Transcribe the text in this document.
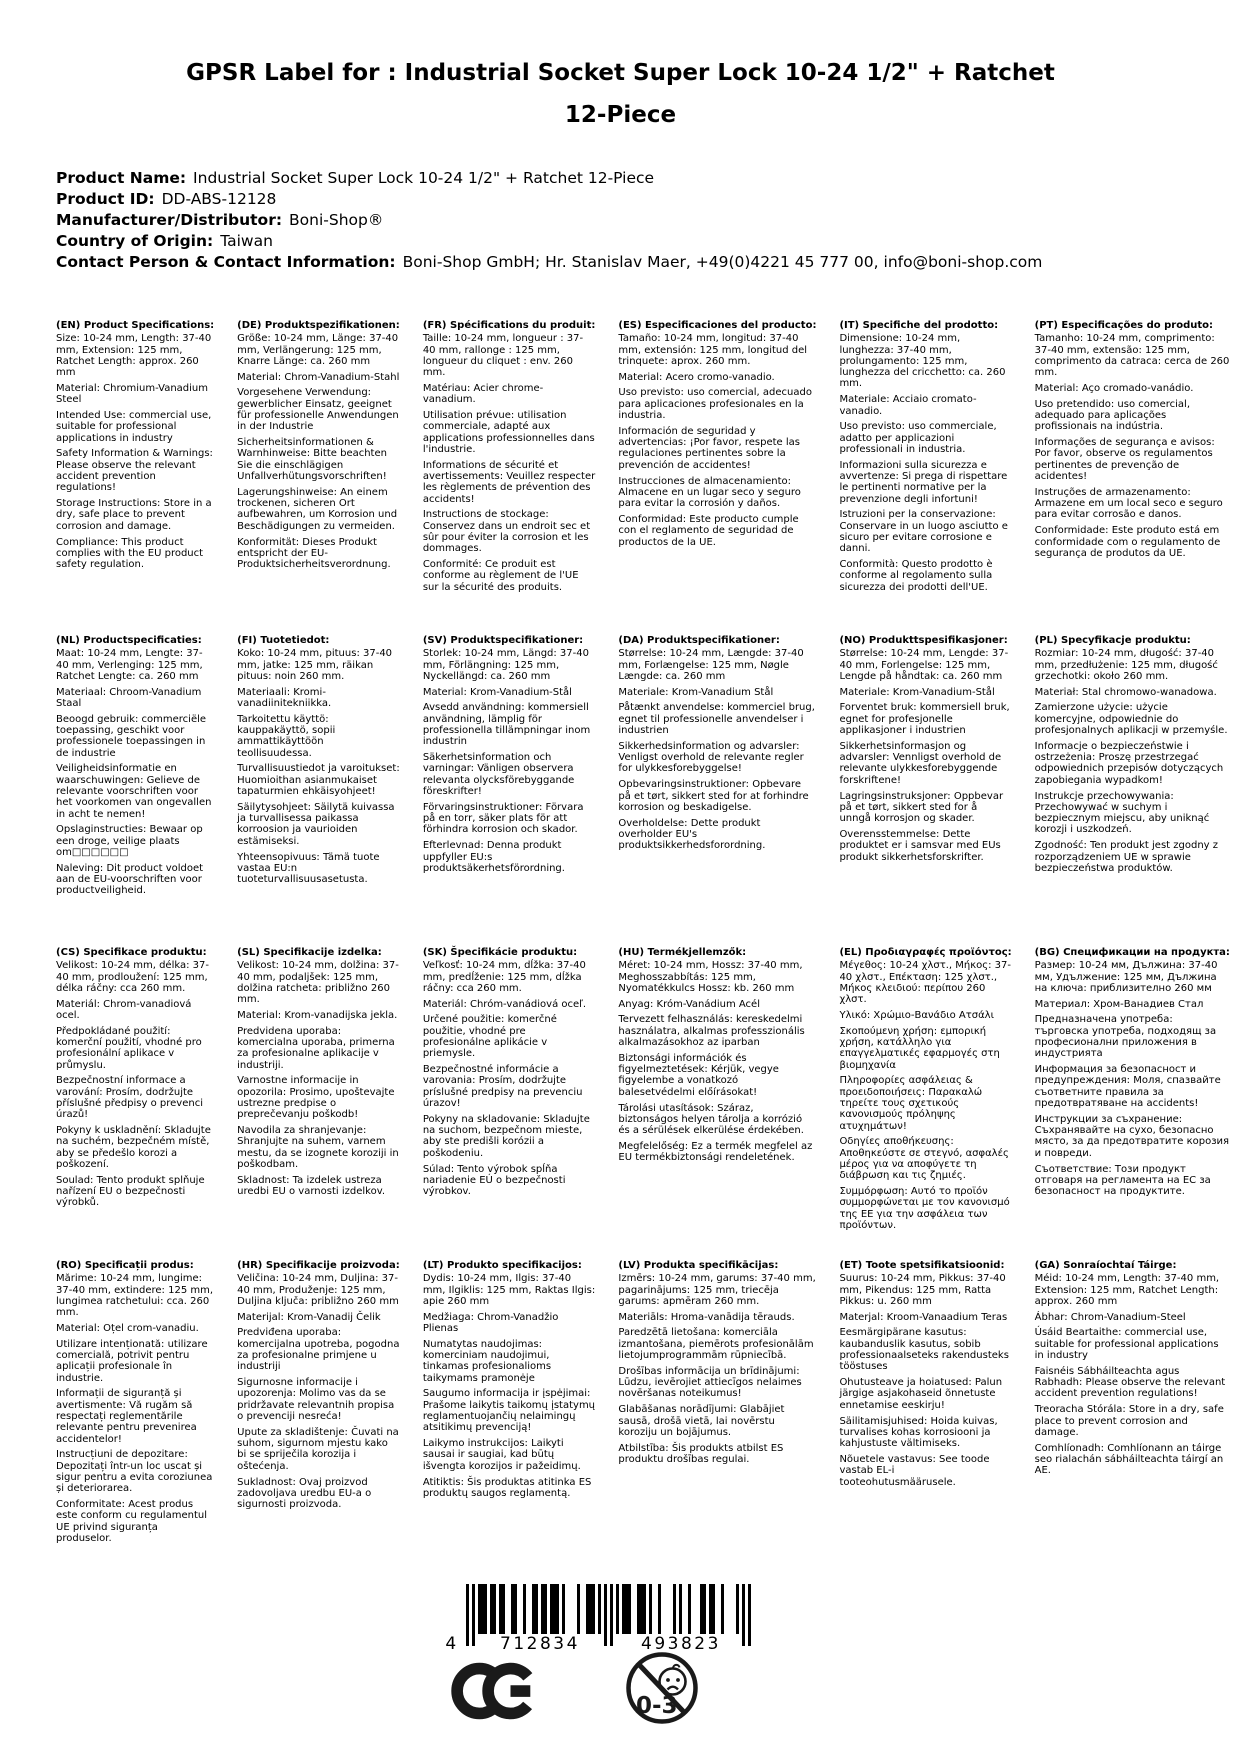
GPSR Label for : Industrial Socket Super Lock 10-24 1/2" + Ratchet
12-Piece
Product Name: Industrial Socket Super Lock 10-24 1/2" + Ratchet 12-Piece
Product ID: DD-ABS-12128
Manufacturer/Distributor: Boni-Shop®
Country of Origin: Taiwan
Contact Person & Contact Information: Boni-Shop GmbH; Hr. Stanislav Maer, +49(0)4221 45 777 00, info@boni-shop.com
(EN) Product Specifications:

Size: 10-24 mm, Length: 37-40 mm, Extension: 125 mm, Ratchet Length: approx. 260 mm

Material: Chromium-Vanadium Steel

Intended Use: commercial use, suitable for professional applications in industry

Safety Information & Warnings: Please observe the relevant accident prevention regulations!

Storage Instructions: Store in a dry, safe place to prevent corrosion and damage.

Compliance: This product complies with the EU product safety regulation.

(DE) Produktspezifikationen:

Größe: 10-24 mm, Länge: 37-40 mm, Verlängerung: 125 mm, Knarre Länge: ca. 260 mm

Material: Chrom-Vanadium-Stahl

Vorgesehene Verwendung: gewerblicher Einsatz, geeignet für professionelle Anwendungen in der Industrie

Sicherheitsinformationen & Warnhinweise: Bitte beachten Sie die einschlägigen Unfallverhütungsvorschriften!

Lagerungshinweise: An einem trockenen, sicheren Ort aufbewahren, um Korrosion und Beschädigungen zu vermeiden.

Konformität: Dieses Produkt entspricht der EU-Produktsicherheitsverordnung.

(FR) Spécifications du produit:

Taille: 10-24 mm, longueur : 37-40 mm, rallonge : 125 mm, longueur du cliquet : env. 260 mm.

Matériau: Acier chrome-vanadium.

Utilisation prévue: utilisation commerciale, adapté aux applications professionnelles dans l'industrie.

Informations de sécurité et avertissements: Veuillez respecter les règlements de prévention des accidents!

Instructions de stockage: Conservez dans un endroit sec et sûr pour éviter la corrosion et les dommages.

Conformité: Ce produit est conforme au règlement de l'UE sur la sécurité des produits.

(ES) Especificaciones del producto:

Tamaño: 10-24 mm, longitud: 37-40 mm, extensión: 125 mm, longitud del trinquete: aprox. 260 mm.

Material: Acero cromo-vanadio.

Uso previsto: uso comercial, adecuado para aplicaciones profesionales en la industria.

Información de seguridad y advertencias: ¡Por favor, respete las regulaciones pertinentes sobre la prevención de accidentes!

Instrucciones de almacenamiento: Almacene en un lugar seco y seguro para evitar la corrosión y daños.

Conformidad: Este producto cumple con el reglamento de seguridad de productos de la UE.

(IT) Specifiche del prodotto:

Dimensione: 10-24 mm, lunghezza: 37-40 mm, prolungamento: 125 mm, lunghezza del cricchetto: ca. 260 mm.

Materiale: Acciaio cromato-vanadio.

Uso previsto: uso commerciale, adatto per applicazioni professionali in industria.

Informazioni sulla sicurezza e avvertenze: Si prega di rispettare le pertinenti normative per la prevenzione degli infortuni!

Istruzioni per la conservazione: Conservare in un luogo asciutto e sicuro per evitare corrosione e danni.

Conformità: Questo prodotto è conforme al regolamento sulla sicurezza dei prodotti dell'UE.

(PT) Especificações do produto:

Tamanho: 10-24 mm, comprimento: 37-40 mm, extensão: 125 mm, comprimento da catraca: cerca de 260 mm.

Material: Aço cromado-vanádio.

Uso pretendido: uso comercial, adequado para aplicações profissionais na indústria.

Informações de segurança e avisos: Por favor, observe os regulamentos pertinentes de prevenção de acidentes!

Instruções de armazenamento: Armazene em um local seco e seguro para evitar corrosão e danos.

Conformidade: Este produto está em conformidade com o regulamento de segurança de produtos da UE.

(NL) Productspecificaties:

Maat: 10-24 mm, Lengte: 37-40 mm, Verlenging: 125 mm, Ratchet Lengte: ca. 260 mm

Materiaal: Chroom-Vanadium Staal

Beoogd gebruik: commerciële toepassing, geschikt voor professionele toepassingen in de industrie

Veiligheidsinformatie en waarschuwingen: Gelieve de relevante voorschriften voor het voorkomen van ongevallen in acht te nemen!

Opslaginstructies: Bewaar op een droge, veilige plaats om□□□□□□

Naleving: Dit product voldoet aan de EU-voorschriften voor productveiligheid.

(FI) Tuotetiedot:

Koko: 10-24 mm, pituus: 37-40 mm, jatke: 125 mm, räikan pituus: noin 260 mm.

Materiaali: Kromi-vanadiinitekniikka.

Tarkoitettu käyttö: kauppakäyttö, sopii ammattikäyttöön teollisuudessa.

Turvallisuustiedot ja varoitukset: Huomioithan asianmukaiset tapaturmien ehkäisyohjeet!

Säilytysohjeet: Säilytä kuivassa ja turvallisessa paikassa korroosion ja vaurioiden estämiseksi.

Yhteensopivuus: Tämä tuote vastaa EU:n tuoteturvallisuusasetusta.

(SV) Produktspecifikationer:

Storlek: 10-24 mm, Längd: 37-40 mm, Förlängning: 125 mm, Nyckellängd: ca. 260 mm

Material: Krom-Vanadium-Stål

Avsedd användning: kommersiell användning, lämplig för professionella tillämpningar inom industrin

Säkerhetsinformation och varningar: Vänligen observera relevanta olycksförebyggande föreskrifter!

Förvaringsinstruktioner: Förvara på en torr, säker plats för att förhindra korrosion och skador.

Efterlevnad: Denna produkt uppfyller EU:s produktsäkerhetsförordning.

(DA) Produktspecifikationer:

Størrelse: 10-24 mm, Længde: 37-40 mm, Forlængelse: 125 mm, Nøgle Længde: ca. 260 mm

Materiale: Krom-Vanadium Stål

Påtænkt anvendelse: kommerciel brug, egnet til professionelle anvendelser i industrien

Sikkerhedsinformation og advarsler: Venligst overhold de relevante regler for ulykkesforebyggelse!

Opbevaringsinstruktioner: Opbevare på et tørt, sikkert sted for at forhindre korrosion og beskadigelse.

Overholdelse: Dette produkt overholder EU's produktsikkerhedsforordning.

(NO) Produkttspesifikasjoner:

Størrelse: 10-24 mm, Lengde: 37-40 mm, Forlengelse: 125 mm, Lengde på håndtak: ca. 260 mm

Materiale: Krom-Vanadium-Stål

Forventet bruk: kommersiell bruk, egnet for profesjonelle applikasjoner i industrien

Sikkerhetsinformasjon og advarsler: Vennligst overhold de relevante ulykkesforebyggende forskriftene!

Lagringsinstruksjoner: Oppbevar på et tørt, sikkert sted for å unngå korrosjon og skader.

Overensstemmelse: Dette produktet er i samsvar med EUs produkt sikkerhetsforskrifter.

(PL) Specyfikacje produktu:

Rozmiar: 10-24 mm, długość: 37-40 mm, przedłużenie: 125 mm, długość grzechotki: około 260 mm.

Materiał: Stal chromowo-wanadowa.

Zamierzone użycie: użycie komercyjne, odpowiednie do profesjonalnych aplikacji w przemyśle.

Informacje o bezpieczeństwie i ostrzeżenia: Proszę przestrzegać odpowiednich przepisów dotyczących zapobiegania wypadkom!

Instrukcje przechowywania: Przechowywać w suchym i bezpiecznym miejscu, aby uniknąć korozji i uszkodzeń.

Zgodność: Ten produkt jest zgodny z rozporządzeniem UE w sprawie bezpieczeństwa produktów.

(CS) Specifikace produktu:

Velikost: 10-24 mm, délka: 37-40 mm, prodloužení: 125 mm, délka ráčny: cca 260 mm.

Materiál: Chrom-vanadiová ocel.

Předpokládané použití: komerční použití, vhodné pro profesionální aplikace v průmyslu.

Bezpečnostní informace a varování: Prosím, dodržujte příslušné předpisy o prevenci úrazů!

Pokyny k uskladnění: Skladujte na suchém, bezpečném místě, aby se předešlo korozi a poškození.

Soulad: Tento produkt splňuje nařízení EU o bezpečnosti výrobků.

(SL) Specifikacije izdelka:

Velikost: 10-24 mm, dolžina: 37-40 mm, podaljšek: 125 mm, dolžina ratcheta: približno 260 mm.

Material: Krom-vanadijska jekla.

Predvidena uporaba: komercialna uporaba, primerna za profesionalne aplikacije v industriji.

Varnostne informacije in opozorila: Prosimo, upoštevajte ustrezne predpise o preprečevanju poškodb!

Navodila za shranjevanje: Shranjujte na suhem, varnem mestu, da se izognete koroziji in poškodbam.

Skladnost: Ta izdelek ustreza uredbi EU o varnosti izdelkov.

(SK) Špecifikácie produktu:

Veľkosť: 10-24 mm, dĺžka: 37-40 mm, predĺženie: 125 mm, dĺžka ráčny: cca 260 mm.

Materiál: Chróm-vanádiová oceľ.

Určené použitie: komerčné použitie, vhodné pre profesionálne aplikácie v priemysle.

Bezpečnostné informácie a varovania: Prosím, dodržujte príslušné predpisy na prevenciu úrazov!

Pokyny na skladovanie: Skladujte na suchom, bezpečnom mieste, aby ste predišli korózii a poškodeniu.

Súlad: Tento výrobok spĺňa nariadenie EÚ o bezpečnosti výrobkov.

(HU) Termékjellemzők:

Méret: 10-24 mm, Hossz: 37-40 mm, Meghosszabbítás: 125 mm, Nyomatékkulcs Hossz: kb. 260 mm

Anyag: Króm-Vanádium Acél

Tervezett felhasználás: kereskedelmi használatra, alkalmas professzionális alkalmazásokhoz az iparban

Biztonsági információk és figyelmeztetések: Kérjük, vegye figyelembe a vonatkozó balesetvédelmi előírásokat!

Tárolási utasítások: Száraz, biztonságos helyen tárolja a korrózió és a sérülések elkerülése érdekében.

Megfelelőség: Ez a termék megfelel az EU termékbiztonsági rendeletének.

(EL) Προδιαγραφές προϊόντος:

Μέγεθος: 10-24 χλστ., Μήκος: 37-40 χλστ., Επέκταση: 125 χλστ., Μήκος κλειδιού: περίπου 260 χλστ.

Υλικό: Χρώμιο-Βανάδιο Ατσάλι

Σκοπούμενη χρήση: εμπορική χρήση, κατάλληλο για επαγγελματικές εφαρμογές στη βιομηχανία

Πληροφορίες ασφάλειας & προειδοποιήσεις: Παρακαλώ τηρείτε τους σχετικούς κανονισμούς πρόληψης ατυχημάτων!

Οδηγίες αποθήκευσης: Αποθηκεύστε σε στεγνό, ασφαλές μέρος για να αποφύγετε τη διάβρωση και τις ζημιές.

Συμμόρφωση: Αυτό το προϊόν συμμορφώνεται με τον κανονισμό της ΕΕ για την ασφάλεια των προϊόντων.

(BG) Спецификации на продукта:

Размер: 10-24 мм, Дължина: 37-40 мм, Удължение: 125 мм, Дължина на ключа: приблизително 260 мм

Материал: Хром-Ванадиев Стал

Предназначена употреба: търговска употреба, подходящ за професионални приложения в индустрията

Информация за безопасност и предупреждения: Моля, спазвайте съответните правила за предотвратяване на accidents!

Инструкции за съхранение: Съхранявайте на сухо, безопасно място, за да предотвратите корозия и повреди.

Съответствие: Този продукт отговаря на регламента на ЕС за безопасност на продуктите.

(RO) Specificații produs:

Mărime: 10-24 mm, lungime: 37-40 mm, extindere: 125 mm, lungimea ratchetului: cca. 260 mm.

Material: Oțel crom-vanadiu.

Utilizare intenționată: utilizare comercială, potrivit pentru aplicații profesionale în industrie.

Informații de siguranță și avertismente: Vă rugăm să respectați reglementările relevante pentru prevenirea accidentelor!

Instrucțiuni de depozitare: Depozitați într-un loc uscat și sigur pentru a evita coroziunea și deteriorarea.

Conformitate: Acest produs este conform cu regulamentul UE privind siguranța produselor.

(HR) Specifikacije proizvoda:

Veličina: 10-24 mm, Duljina: 37-40 mm, Produženje: 125 mm, Duljina ključa: približno 260 mm

Materijal: Krom-Vanadij Čelik

Predviđena uporaba: komercijalna upotreba, pogodna za profesionalne primjene u industriji

Sigurnosne informacije i upozorenja: Molimo vas da se pridržavate relevantnih propisa o prevenciji nesreća!

Upute za skladištenje: Čuvati na suhom, sigurnom mjestu kako bi se spriječila korozija i oštećenja.

Sukladnost: Ovaj proizvod zadovoljava uredbu EU-a o sigurnosti proizvoda.

(LT) Produkto specifikacijos:

Dydis: 10-24 mm, Ilgis: 37-40 mm, Ilgiklis: 125 mm, Raktas Ilgis: apie 260 mm

Medžiaga: Chrom-Vanadžio Plienas

Numatytas naudojimas: komerciniam naudojimui, tinkamas profesionalioms taikymams pramonėje

Saugumo informacija ir įspėjimai: Prašome laikytis taikomų įstatymų reglamentuojančių nelaimingų atsitikimų prevenciją!

Laikymo instrukcijos: Laikyti sausai ir saugiai, kad būtų išvengta korozijos ir pažeidimų.

Atitiktis: Šis produktas atitinka ES produktų saugos reglamentą.

(LV) Produkta specifikācijas:

Izmērs: 10-24 mm, garums: 37-40 mm, pagarinājums: 125 mm, triecēja garums: apmēram 260 mm.

Materiāls: Hroma-vanādija tērauds.

Paredzētā lietošana: komerciāla izmantošana, piemērots profesionālām lietojumprogrammām rūpniecībā.

Drošības informācija un brīdinājumi: Lūdzu, ievērojiet attiecīgos nelaimes novēršanas noteikumus!

Glabāšanas norādījumi: Glabājiet sausā, drošā vietā, lai novērstu koroziju un bojājumus.

Atbilstība: Šis produkts atbilst ES produktu drošības regulai.

(ET) Toote spetsifikatsioonid:

Suurus: 10-24 mm, Pikkus: 37-40 mm, Pikendus: 125 mm, Ratta Pikkus: u. 260 mm

Materjal: Kroom-Vanaadium Teras

Eesmärgipärane kasutus: kaubanduslik kasutus, sobib professionaalseteks rakendusteks tööstuses

Ohutusteave ja hoiatused: Palun järgige asjakohaseid õnnetuste ennetamise eeskirju!

Säilitamisjuhised: Hoida kuivas, turvalises kohas korrosiooni ja kahjustuste vältimiseks.

Nõuetele vastavus: See toode vastab EL-i tooteohutusmäärusele.

(GA) Sonraíochtaí Táirge:

Méid: 10-24 mm, Length: 37-40 mm, Extension: 125 mm, Ratchet Length: approx. 260 mm

Ábhar: Chrom-Vanadium-Steel

Úsáid Beartaithe: commercial use, suitable for professional applications in industry

Faisnéis Sábháilteachta agus Rabhadh: Please observe the relevant accident prevention regulations!

Treoracha Stórála: Store in a dry, safe place to prevent corrosion and damage.

Comhlíonadh: Comhlíonann an táirge seo rialachán sábháilteachta táirgí an AE.

4 712834	493823
0-3
